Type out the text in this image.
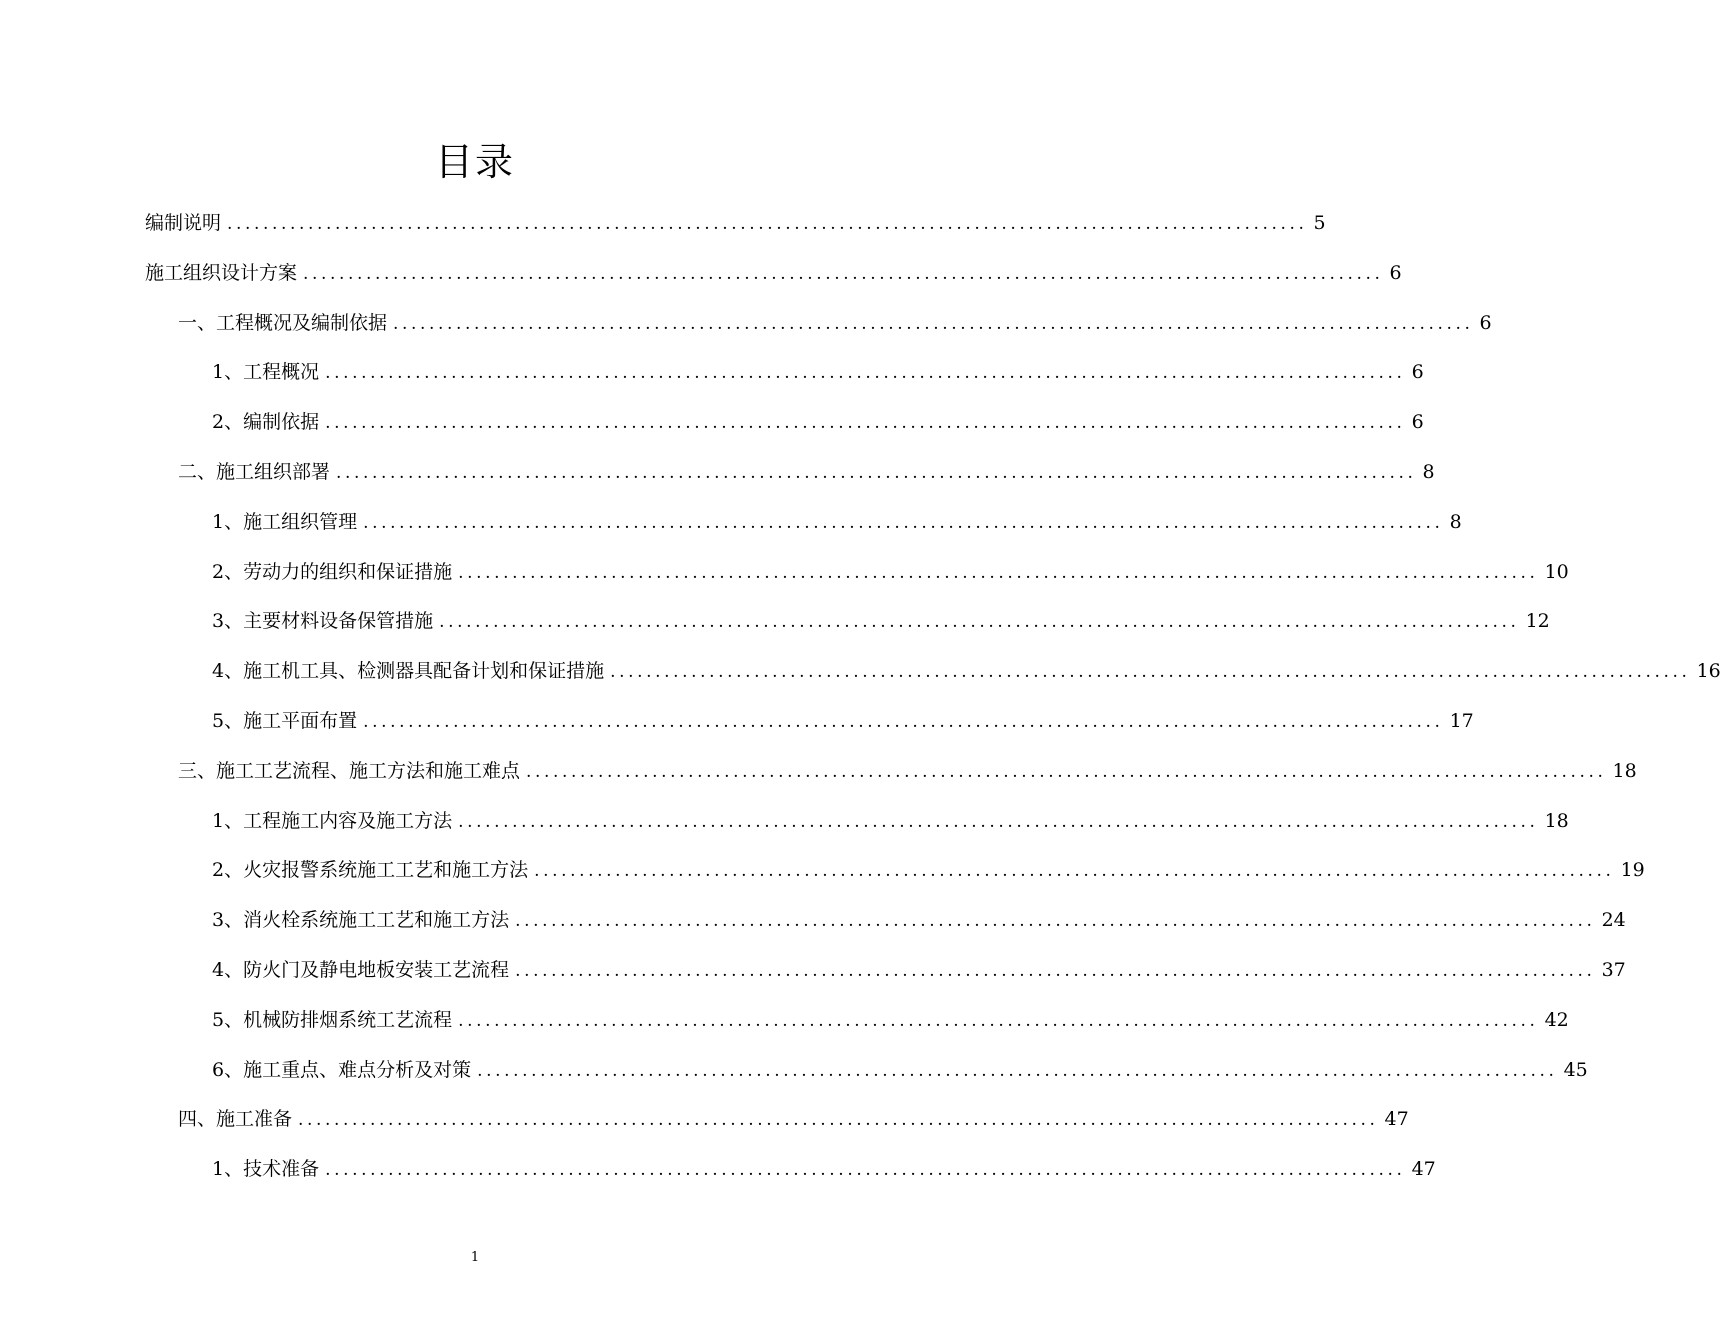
目录
编制说明 ........................................................................................................................ 5
施工组织设计方案 ........................................................................................................................ 6
一、工程概况及编制依据 ........................................................................................................................ 6
1、工程概况 ........................................................................................................................ 6
2、编制依据 ........................................................................................................................ 6
二、施工组织部署 ........................................................................................................................ 8
1、施工组织管理 ........................................................................................................................ 8
2、劳动力的组织和保证措施 ........................................................................................................................ 10
3、主要材料设备保管措施 ........................................................................................................................ 12
4、施工机工具、检测器具配备计划和保证措施 ........................................................................................................................ 16
5、施工平面布置 ........................................................................................................................ 17
三、施工工艺流程、施工方法和施工难点 ........................................................................................................................ 18
1、工程施工内容及施工方法 ........................................................................................................................ 18
2、火灾报警系统施工工艺和施工方法 ........................................................................................................................ 19
3、消火栓系统施工工艺和施工方法 ........................................................................................................................ 24
4、防火门及静电地板安装工艺流程 ........................................................................................................................ 37
5、机械防排烟系统工艺流程 ........................................................................................................................ 42
6、施工重点、难点分析及对策 ........................................................................................................................ 45
四、施工准备 ........................................................................................................................ 47
1、技术准备 ........................................................................................................................ 47
1
